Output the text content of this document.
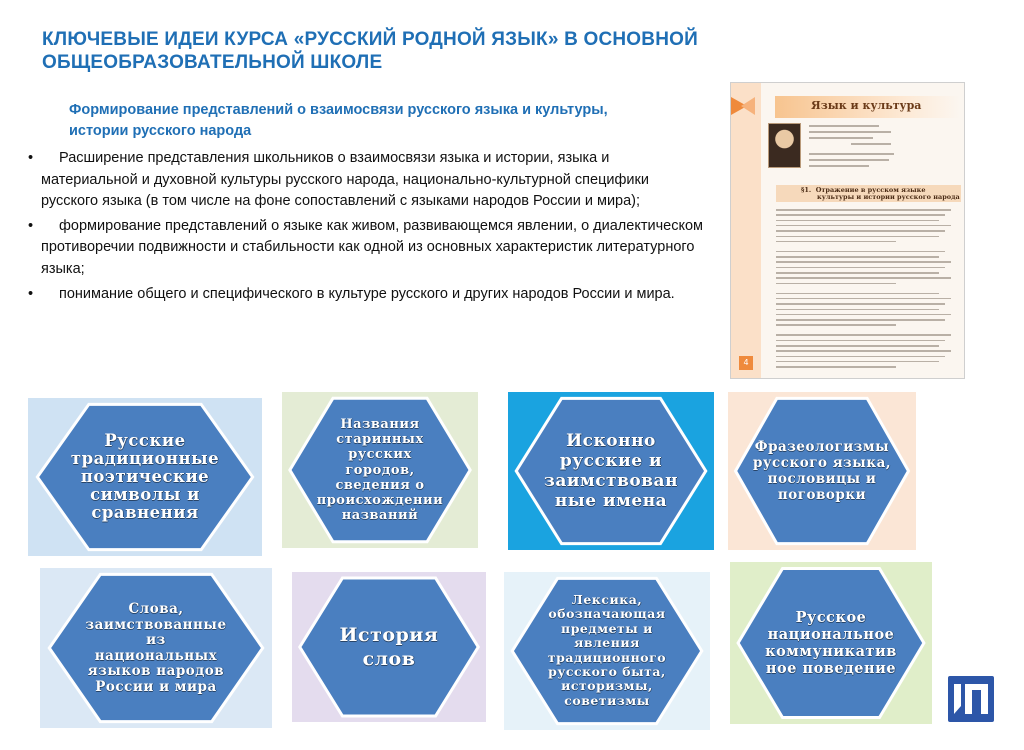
КЛЮЧЕВЫЕ ИДЕИ КУРСА «РУССКИЙ РОДНОЙ ЯЗЫК» В ОСНОВНОЙ
ОБЩЕОБРАЗОВАТЕЛЬНОЙ ШКОЛЕ
Формирование представлений о взаимосвязи русского языка и культуры,
истории русского народа
• Расширение представления школьников о взаимосвязи языка и истории, языка и материальной и духовной культуры русского народа, национально-культурной специфики русского языка (в том числе на фоне сопоставлений с языками народов России и мира);
• формирование представлений о языке как живом, развивающемся явлении, о диалектическом противоречии подвижности и стабильности как одной из основных характеристик литературного языка;
• понимание общего и специфического в культуре русского и других народов России и мира.
Язык и культура
§1. Отражение в русском языке
культуры и истории русского народа
4
Русские
традиционные
поэтические
символы и
сравнения
Названия
старинных
русских
городов,
сведения о
происхождении
названий
Исконно
русские и
заимствован
ные имена
Фразеологизмы
русского языка,
пословицы и
поговорки
Слова,
заимствованные
из
национальных
языков народов
России и мира
История
слов
Лексика,
обозначающая
предметы и
явления
традиционного
русского быта,
историзмы,
советизмы
Русское
национальное
коммуникатив
ное поведение
